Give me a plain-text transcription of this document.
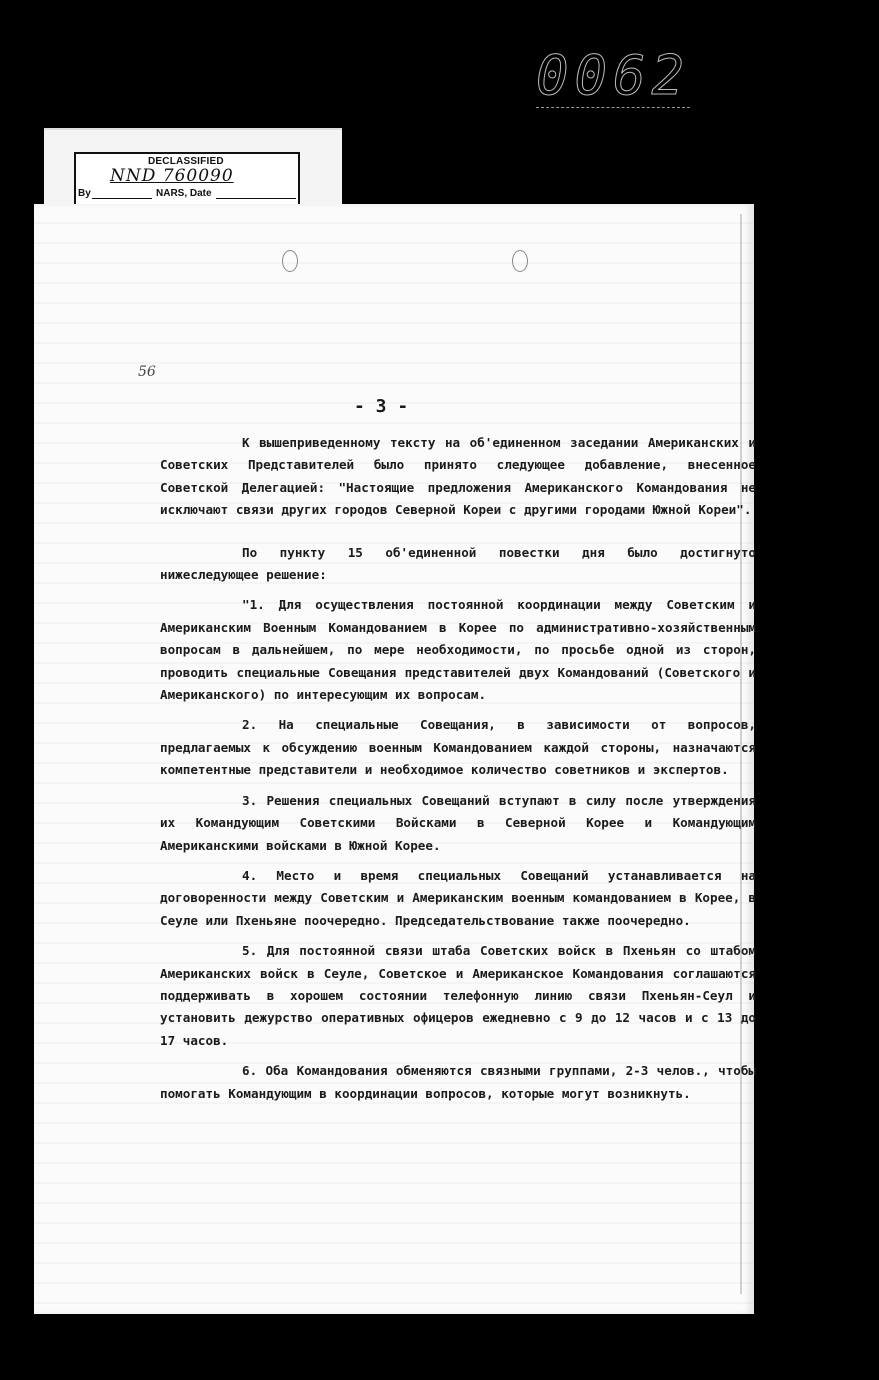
0062
DECLASSIFIED
NND 760090
By	NARS, Date
- 3 -

К вышеприведенному тексту на об'единенном заседании Американских и Советских Представителей было принято следующее добавление, внесенное Советской Делегацией: "Настоящие предложения Американского Командования не исключают связи других городов Северной Кореи с другими городами Южной Кореи".

По пункту 15 об'единенной повестки дня было достигнуто нижеследующее решение:

"1. Для осуществления постоянной координации между Советским и Американским Военным Командованием в Корее по административно-хозяйственным вопросам в дальнейшем, по мере необходимости, по просьбе одной из сторон, проводить специальные Совещания представителей двух Командований (Советского и Американского) по интересующим их вопросам.

2. На специальные Совещания, в зависимости от вопросов, предлагаемых к обсуждению военным Командованием каждой стороны, назначаются компетентные представители и необходимое количество советников и экспертов.

3. Решения специальных Совещаний вступают в силу после утверждения их Командующим Советскими Войсками в Северной Корее и Командующим Американскими войсками в Южной Корее.

4. Место и время специальных Совещаний устанавливается на договоренности между Советским и Американским военным командованием в Корее, в Сеуле или Пхеньяне поочередно. Председательствование также поочередно.

5. Для постоянной связи штаба Советских войск в Пхеньян со штабом Американских войск в Сеуле, Советское и Американское Командования соглашаются поддерживать в хорошем состоянии телефонную линию связи Пхеньян-Сеул и установить дежурство оперативных офицеров ежедневно с 9 до 12 часов и с 13 до 17 часов.

6. Оба Командования обменяются связными группами, 2-3 челов., чтобы помогать Командующим в координации вопросов, которые могут возникнуть.

56
